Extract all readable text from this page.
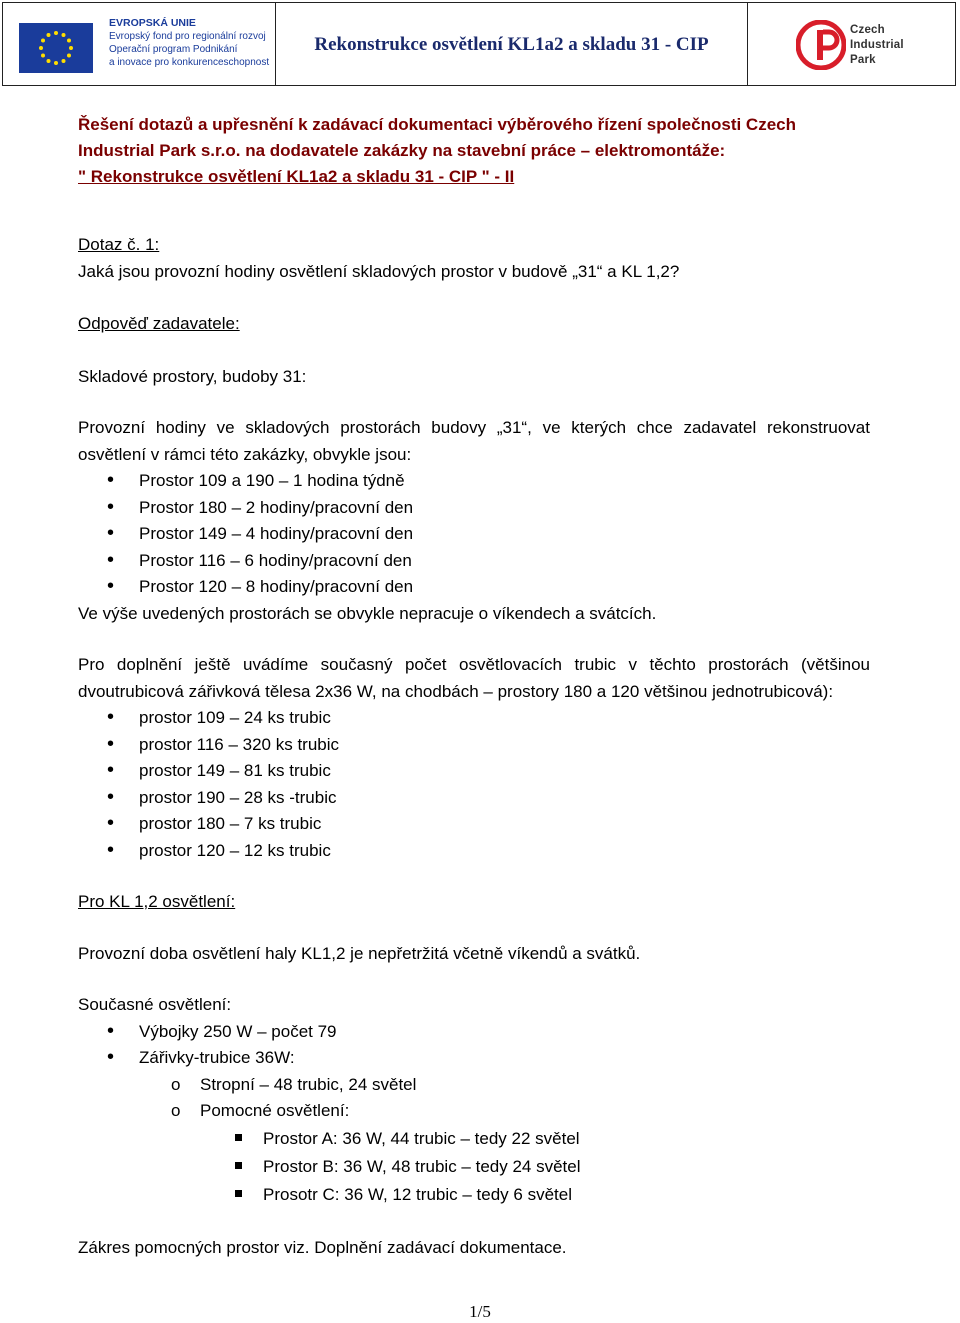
EVROPSKÁ UNIE
Evropský fond pro regionální rozvoj
Operační program Podnikání
a inovace pro konkurenceschopnost
Rekonstrukce osvětlení KL1a2 a skladu 31 - CIP
Czech
Industrial
Park
Řešení dotazů a upřesnění k zadávací dokumentaci výběrového řízení společnosti Czech
Industrial Park s.r.o. na dodavatele zakázky na stavební práce – elektromontáže:
" Rekonstrukce osvětlení KL1a2 a skladu 31 - CIP " - II
Dotaz č. 1:
Jaká jsou provozní hodiny osvětlení skladových prostor v budově „31“ a KL 1,2?
Odpověď zadavatele:
Skladové prostory, budoby 31:
Provozní hodiny ve skladových prostorách budovy „31“, ve kterých chce zadavatel rekonstruovat osvětlení v rámci této zakázky, obvykle jsou:
• Prostor 109 a 190 – 1 hodina týdně
• Prostor 180 – 2 hodiny/pracovní den
• Prostor 149 – 4 hodiny/pracovní den
• Prostor 116 – 6 hodiny/pracovní den
• Prostor 120 – 8 hodiny/pracovní den
Ve výše uvedených prostorách se obvykle nepracuje o víkendech a svátcích.
Pro doplnění ještě uvádíme současný počet osvětlovacích trubic v těchto prostorách (většinou dvoutrubicová zářivková tělesa 2x36 W, na chodbách – prostory 180 a 120 většinou jednotrubicová):
• prostor 109 – 24 ks trubic
• prostor 116 – 320 ks trubic
• prostor 149 – 81 ks trubic
• prostor 190 – 28 ks -trubic
• prostor 180 – 7 ks trubic
• prostor 120 – 12 ks trubic
Pro KL 1,2 osvětlení:
Provozní doba osvětlení haly KL1,2 je nepřetržitá včetně víkendů a svátků.
Současné osvětlení:
• Výbojky 250 W – počet 79
• Zářivky-trubice 36W:
o Stropní – 48 trubic, 24 světel
o Pomocné osvětlení:
Prostor A: 36 W, 44 trubic – tedy 22 světel
Prostor B: 36 W, 48 trubic – tedy 24 světel
Prosotr C: 36 W, 12 trubic – tedy 6 světel
Zákres pomocných prostor viz. Doplnění zadávací dokumentace.
1/5
